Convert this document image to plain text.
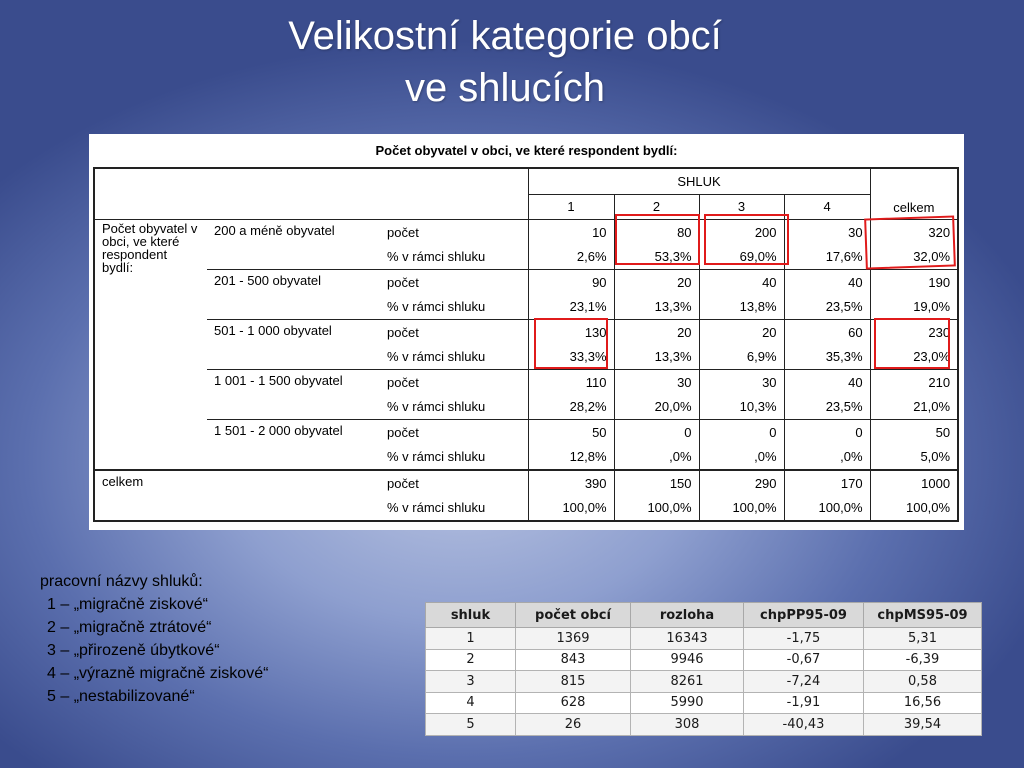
Velikostní kategorie obcí
ve shlucích
Počet obyvatel v obci, ve které respondent bydlí:
			SHLUK				celkem
			1	2	3	4	
Počet obyvatel v obci, ve které respondent bydlí:	200 a méně obyvatel	počet	10	80	200	30	320
		% v rámci shluku	2,6%	53,3%	69,0%	17,6%	32,0%
	201 - 500 obyvatel	počet	90	20	40	40	190
		% v rámci shluku	23,1%	13,3%	13,8%	23,5%	19,0%
	501 - 1 000 obyvatel	počet	130	20	20	60	230
		% v rámci shluku	33,3%	13,3%	6,9%	35,3%	23,0%
	1 001 - 1 500 obyvatel	počet	110	30	30	40	210
		% v rámci shluku	28,2%	20,0%	10,3%	23,5%	21,0%
	1 501 - 2 000 obyvatel	počet	50	0	0	0	50
		% v rámci shluku	12,8%	,0%	,0%	,0%	5,0%
celkem		počet	390	150	290	170	1000
		% v rámci shluku	100,0%	100,0%	100,0%	100,0%	100,0%
pracovní názvy shluků:
1 – „migračně ziskové“
2 – „migračně ztrátové“
3 – „přirozeně úbytkové“
4 – „výrazně migračně ziskové“
5 – „nestabilizované“
shluk	počet obcí	rozloha	chpPP95-09	chpMS95-09
1	1369	16343	-1,75	5,31
2	843	9946	-0,67	-6,39
3	815	8261	-7,24	0,58
4	628	5990	-1,91	16,56
5	26	308	-40,43	39,54
